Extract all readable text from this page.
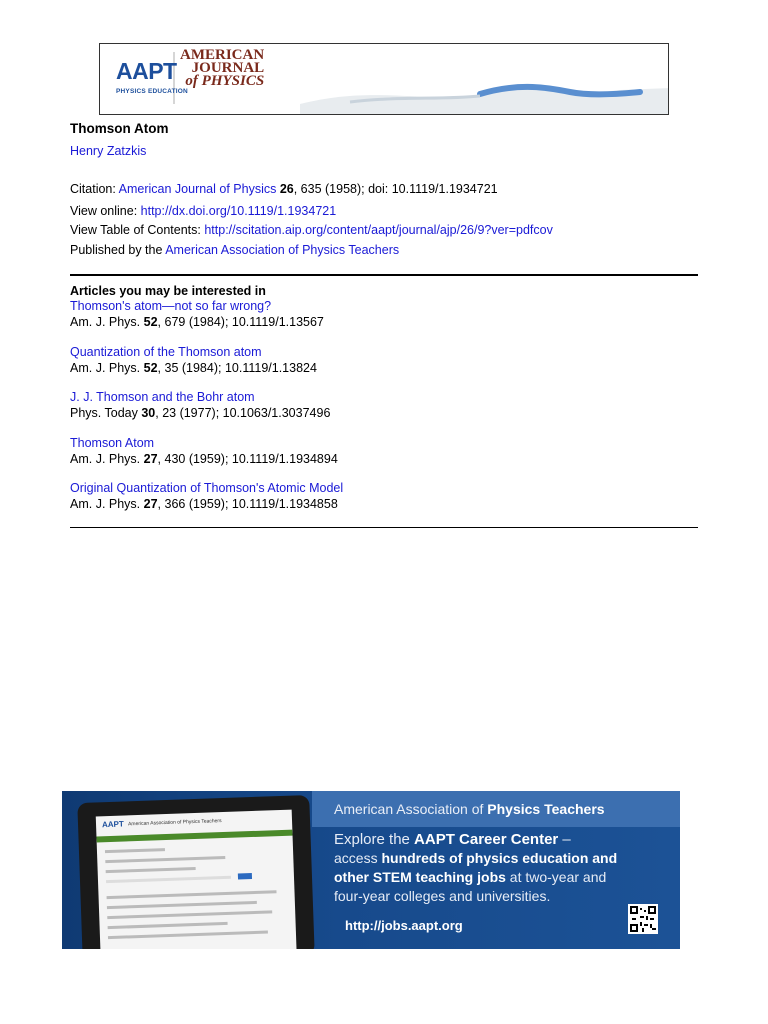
AAPT
PHYSICS EDUCATION
AMERICAN
JOURNAL
of PHYSICS
Thomson Atom
Henry Zatzkis
Citation: American Journal of Physics 26, 635 (1958); doi: 10.1119/1.1934721
View online: http://dx.doi.org/10.1119/1.1934721
View Table of Contents: http://scitation.aip.org/content/aapt/journal/ajp/26/9?ver=pdfcov
Published by the American Association of Physics Teachers
Articles you may be interested in
Thomson's atom—not so far wrong?
Am. J. Phys. 52, 679 (1984); 10.1119/1.13567
Quantization of the Thomson atom
Am. J. Phys. 52, 35 (1984); 10.1119/1.13824
J. J. Thomson and the Bohr atom
Phys. Today 30, 23 (1977); 10.1063/1.3037496
Thomson Atom
Am. J. Phys. 27, 430 (1959); 10.1119/1.1934894
Original Quantization of Thomson's Atomic Model
Am. J. Phys. 27, 366 (1959); 10.1119/1.1934858
AAPT American Association of Physics Teachers
American Association of Physics Teachers
Explore the AAPT Career Center –
access hundreds of physics education and
other STEM teaching jobs at two-year and
four-year colleges and universities.
http://jobs.aapt.org
